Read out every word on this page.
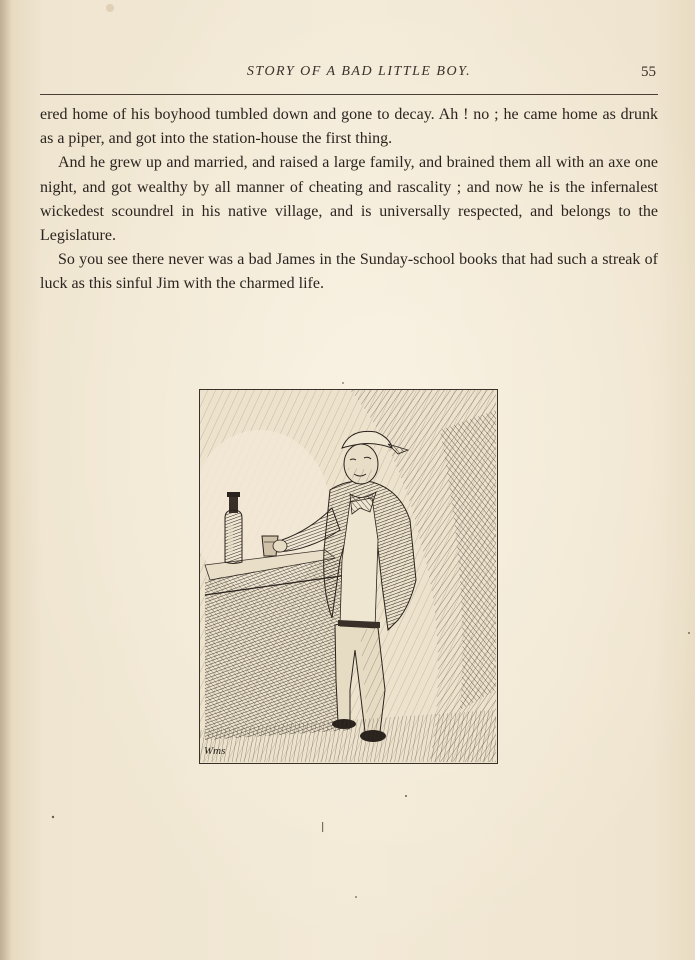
STORY OF A BAD LITTLE BOY.	55

ered home of his boyhood tumbled down and gone to decay. Ah ! no ; he came home as drunk as a piper, and got into the station-house the first thing.

And he grew up and married, and raised a large family, and brained them all with an axe one night, and got wealthy by all manner of cheating and rascality ; and now he is the infernalest wickedest scoundrel in his native village, and is universally respected, and belongs to the Legislature.

So you see there never was a bad James in the Sunday-school books that had such a streak of luck as this sinful Jim with the charmed life.

Wms
